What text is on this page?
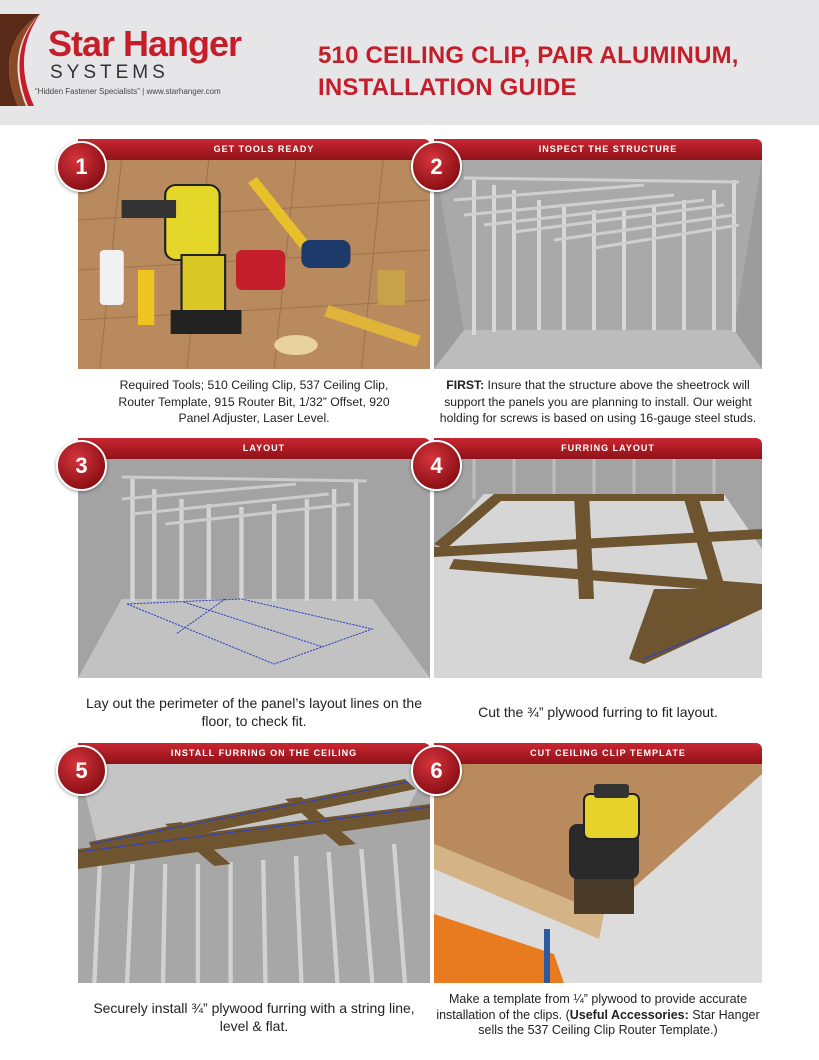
Star Hanger
SYSTEMS
“Hidden Fastener Specialists” | www.starhanger.com
510 CEILING CLIP, PAIR ALUMINUM,
INSTALLATION GUIDE
GET TOOLS READY
Required Tools; 510 Ceiling Clip, 537 Ceiling Clip, Router Template, 915 Router Bit, 1/32” Offset, 920 Panel Adjuster, Laser Level.
1
INSPECT THE STRUCTURE
FIRST: Insure that the structure above the sheetrock will support the panels you are planning to install. Our weight holding for screws is based on using 16-gauge steel studs.
2
LAYOUT
Lay out the perimeter of the panel’s layout lines on the floor, to check fit.
3
FURRING LAYOUT
Cut the ¾” plywood furring to fit layout.
4
INSTALL FURRING ON THE CEILING
Securely install ¾” plywood furring with a string line, level & flat.
5
CUT CEILING CLIP TEMPLATE
Make a template from ¼” plywood to provide accurate installation of the clips. (Useful Accessories: Star Hanger sells the 537 Ceiling Clip Router Template.)
6
